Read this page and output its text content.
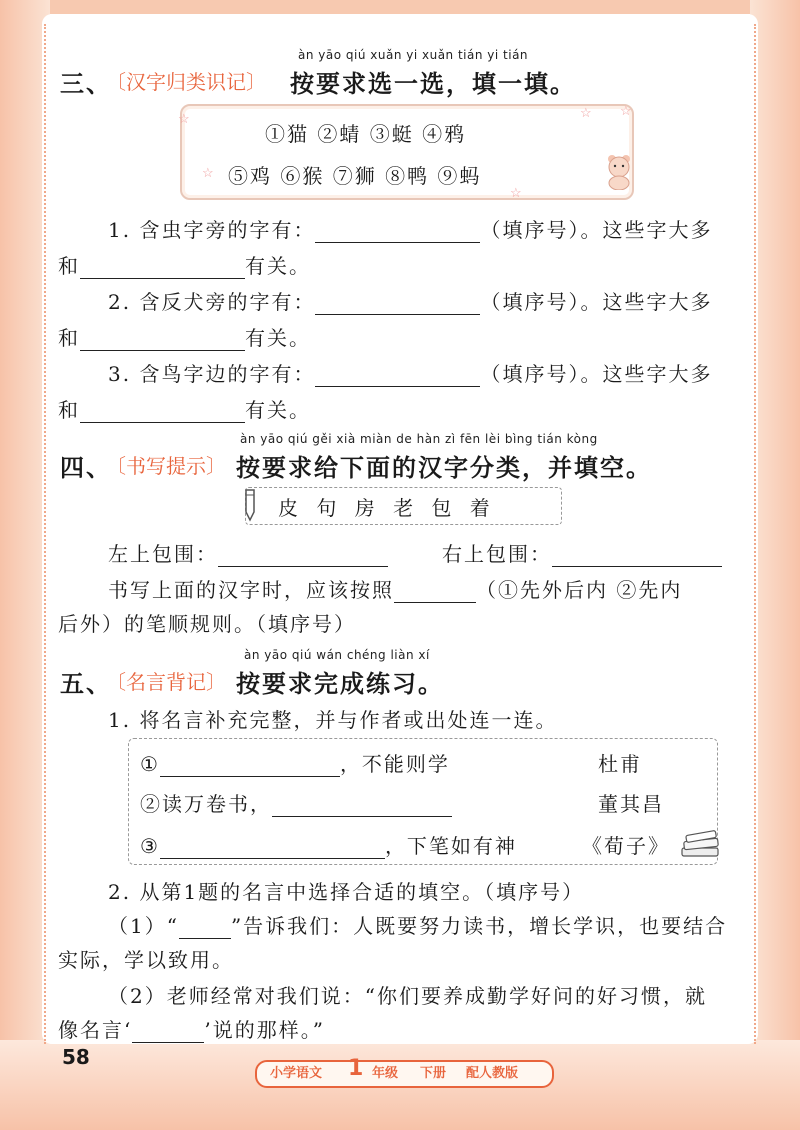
àn yāo qiú xuǎn yi xuǎn tián yi tián
三、
〔汉字归类识记〕 按要求选一选，填一填。
☆
☆
☆ ☆
☆
①猫 ②蜻 ③蜓 ④鸦
⑤鸡 ⑥猴 ⑦狮 ⑧鸭 ⑨蚂
1. 含虫字旁的字有：	（填序号）。这些字大多
和	有关。
2. 含反犬旁的字有：	（填序号）。这些字大多
和	有关。
3. 含鸟字边的字有：	（填序号）。这些字大多
和	有关。
àn yāo qiú gěi xià miàn de hàn zì fēn lèi bìng tián kòng
四、
〔书写提示〕 按要求给下面的汉字分类，并填空。
皮 句 房 老 包 着
左上包围：	右上包围：
书写上面的汉字时，应该按照	（①先外后内 ②先内
后外）的笔顺规则。（填序号）
àn yāo qiú wán chéng liàn xí
五、
〔名言背记〕 按要求完成练习。
1. 将名言补充完整，并与作者或出处连一连。
①	，不能则学	杜甫
②读万卷书，	董其昌
③	，下笔如有神	《荀子》
2. 从第1题的名言中选择合适的填空。（填序号）
（1）“	”告诉我们：人既要努力读书，增长学识，也要结合
实际，学以致用。
（2）老师经常对我们说：“你们要养成勤学好问的好习惯，就
像名言‘	’说的那样。”
58
小学语文 1 年级 下册 配人教版
